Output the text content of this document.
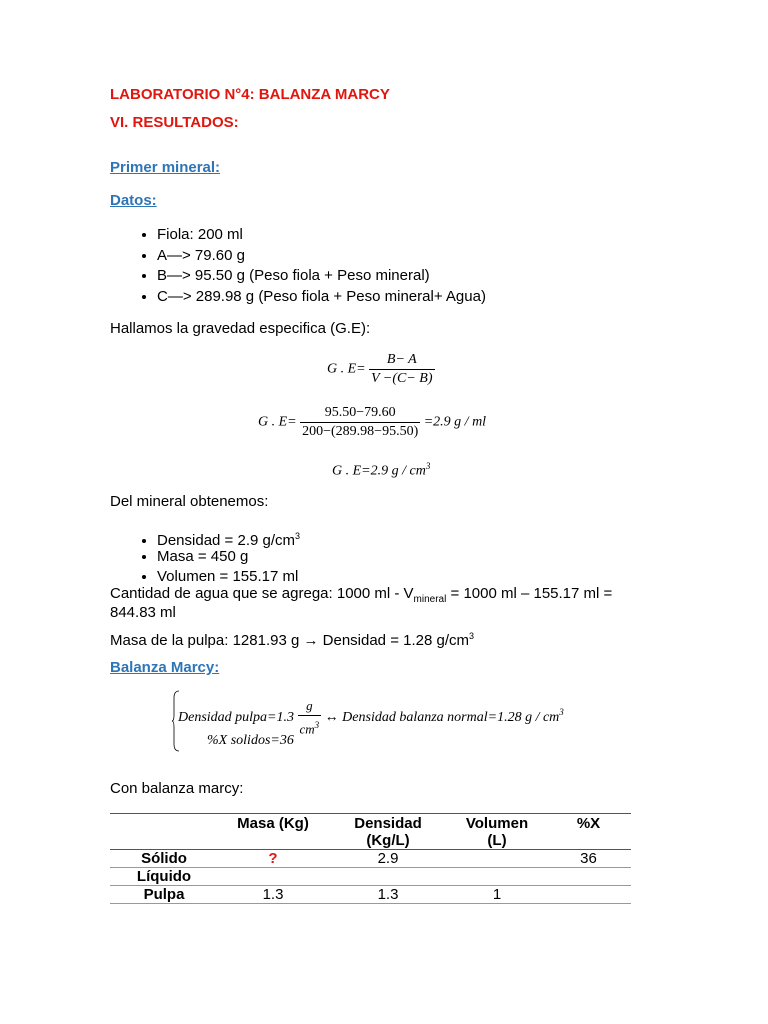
LABORATORIO N°4: BALANZA MARCY
VI. RESULTADOS:
Primer mineral:
Datos:
• Fiola: 200 ml
• A—> 79.60 g
• B—> 95.50 g (Peso fiola + Peso mineral)
• C—> 289.98 g (Peso fiola + Peso mineral+ Agua)
Hallamos la gravedad especifica (G.E):
G . $E= \frac{B- A}{V -(C- B)}$
G . $E= \frac{95.50-79.60}{200-(289.98-95.50)} =2.9$ g / ml
G . E=2.9 g / $cm^3$
Del mineral obtenemos:
• Densidad = 2.9 $g/cm^3$
• Masa = 450 g
• Volumen = 155.17 ml
Cantidad de agua que se agrega: 1000 ml - $V_{mineral} = 1000$ ml – 155.17 ml =
844.83 ml
Masa de la pulpa: 1281.93 g → Densidad = 1.28 $g/cm^3$
Balanza Marcy:
Densidad pulpa=1.3 $\frac{g}{cm^3}$ ↔ Densidad balanza normal=1.28 g / $cm^3$
%X solidos=36
Con balanza marcy:
	Masa (Kg)	Densidad (Kg/L)	Volumen (L)	%X
Sólido	?	2.9		36
Líquido				
Pulpa	1.3	1.3	1	
